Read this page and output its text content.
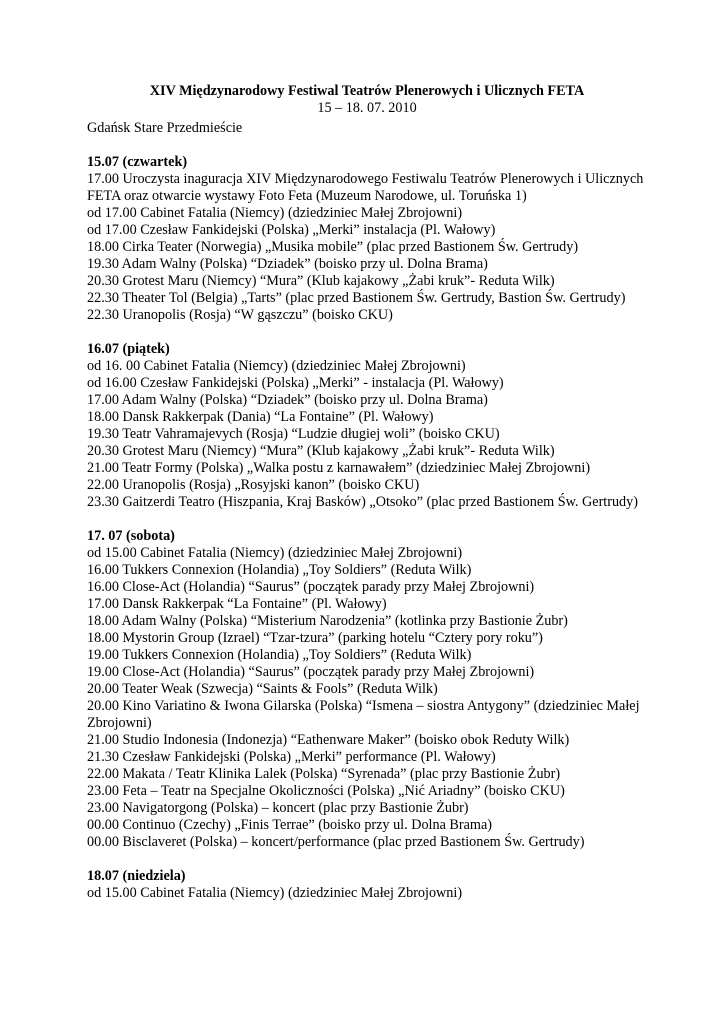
XIV Międzynarodowy Festiwal Teatrów Plenerowych i Ulicznych FETA

15 – 18. 07. 2010

Gdańsk Stare Przedmieście

15.07 (czwartek)

17.00 Uroczysta inaguracja XIV Międzynarodowego Festiwalu Teatrów Plenerowych i Ulicznych FETA oraz otwarcie wystawy Foto Feta (Muzeum Narodowe, ul. Toruńska 1)

od 17.00 Cabinet Fatalia (Niemcy) (dziedziniec Małej Zbrojowni)

od 17.00 Czesław Fankidejski (Polska) „Merki” instalacja (Pl. Wałowy)

18.00 Cirka Teater (Norwegia) „Musika mobile” (plac przed Bastionem Św. Gertrudy)

19.30 Adam Walny (Polska) “Dziadek” (boisko przy ul. Dolna Brama)

20.30 Grotest Maru (Niemcy) “Mura” (Klub kajakowy „Żabi kruk”- Reduta Wilk)

22.30 Theater Tol (Belgia) „Tarts” (plac przed Bastionem Św. Gertrudy, Bastion Św. Gertrudy)

22.30 Uranopolis (Rosja) “W gąszczu” (boisko CKU)

16.07 (piątek)

od 16. 00 Cabinet Fatalia (Niemcy) (dziedziniec Małej Zbrojowni)

od 16.00 Czesław Fankidejski (Polska) „Merki” - instalacja (Pl. Wałowy)

17.00 Adam Walny (Polska) “Dziadek” (boisko przy ul. Dolna Brama)

18.00 Dansk Rakkerpak (Dania) “La Fontaine” (Pl. Wałowy)

19.30 Teatr Vahramajevych (Rosja) “Ludzie długiej woli” (boisko CKU)

20.30 Grotest Maru (Niemcy) “Mura” (Klub kajakowy „Żabi kruk”- Reduta Wilk)

21.00 Teatr Formy (Polska) „Walka postu z karnawałem” (dziedziniec Małej Zbrojowni)

22.00 Uranopolis (Rosja) „Rosyjski kanon” (boisko CKU)

23.30 Gaitzerdi Teatro (Hiszpania, Kraj Basków) „Otsoko” (plac przed Bastionem Św. Gertrudy)

17. 07 (sobota)

od 15.00 Cabinet Fatalia (Niemcy) (dziedziniec Małej Zbrojowni)

16.00 Tukkers Connexion (Holandia) „Toy Soldiers” (Reduta Wilk)

16.00 Close-Act (Holandia) “Saurus” (początek parady przy Małej Zbrojowni)

17.00 Dansk Rakkerpak “La Fontaine” (Pl. Wałowy)

18.00 Adam Walny (Polska) “Misterium Narodzenia” (kotlinka przy Bastionie Żubr)

18.00 Mystorin Group (Izrael) “Tzar-tzura” (parking hotelu “Cztery pory roku”)

19.00 Tukkers Connexion (Holandia) „Toy Soldiers” (Reduta Wilk)

19.00 Close-Act (Holandia) “Saurus” (początek parady przy Małej Zbrojowni)

20.00 Teater Weak (Szwecja) “Saints & Fools” (Reduta Wilk)

20.00 Kino Variatino & Iwona Gilarska (Polska) “Ismena – siostra Antygony” (dziedziniec Małej Zbrojowni)

21.00 Studio Indonesia (Indonezja) “Eathenware Maker” (boisko obok Reduty Wilk)

21.30 Czesław Fankidejski (Polska) „Merki” performance (Pl. Wałowy)

22.00 Makata / Teatr Klinika Lalek (Polska) “Syrenada” (plac przy Bastionie Żubr)

23.00 Feta – Teatr na Specjalne Okoliczności (Polska) „Nić Ariadny” (boisko CKU)

23.00 Navigatorgong (Polska) – koncert (plac przy Bastionie Żubr)

00.00 Continuo (Czechy) „Finis Terrae” (boisko przy ul. Dolna Brama)

00.00 Bisclaveret (Polska) – koncert/performance (plac przed Bastionem Św. Gertrudy)

18.07 (niedziela)

od 15.00 Cabinet Fatalia (Niemcy) (dziedziniec Małej Zbrojowni)
